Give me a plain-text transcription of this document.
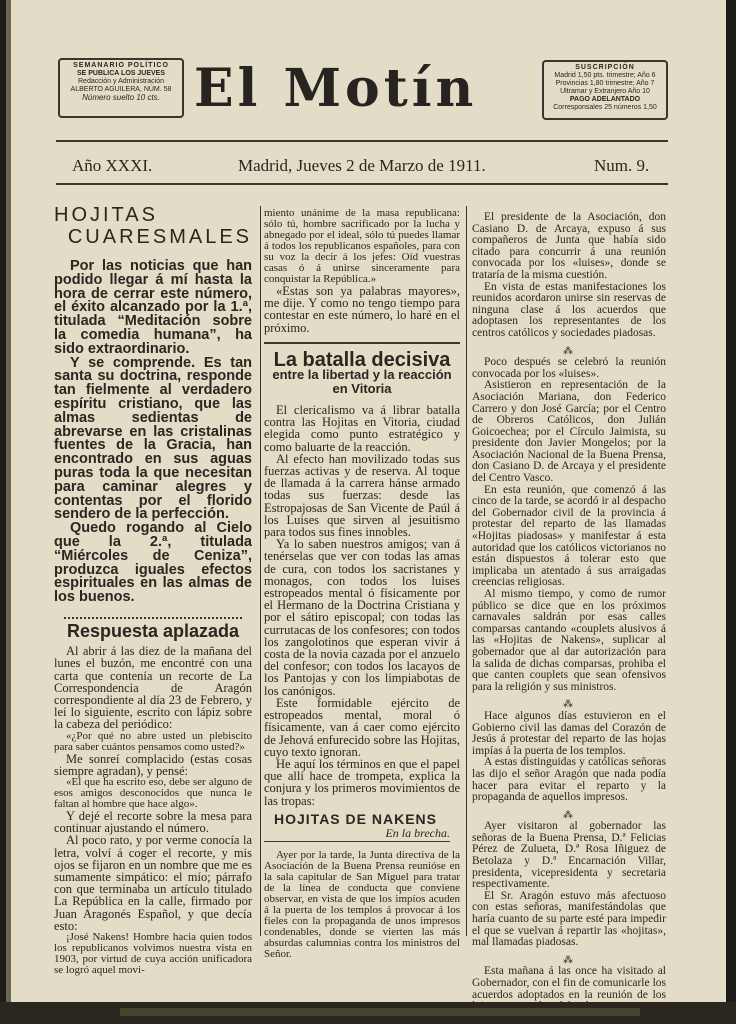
SEMANARIO POLÍTICO
SE PUBLICA LOS JUEVES
Redacción y Administración
ALBERTO AGUILERA, NÚM. 58
Número suelto 10 cts. El Motín	SUSCRIPCIÓN
Madrid 1,50 pts. trimestre; Año 6
Provincias 1,80 trimestre; Año 7
Ultramar y Extranjero Año 10
PAGO ADELANTADO
Corresponsales 25 números 1,50
Año XXXI.	Madrid, Jueves 2 de Marzo de 1911.	Num. 9.
HOJITAS
CUARESMALES

Por las noticias que han podido llegar á mí hasta la hora de cerrar este número, el éxito alcanzado por la 1.ª, titulada “Meditación sobre la comedia humana”, ha sido extraordinario.

Y se comprende. Es tan santa su doctrina, responde tan fielmente al verdadero espíritu cristiano, que las almas sedientas de abrevarse en las cristalinas fuentes de la Gracia, han encontrado en sus aguas puras toda la que necesitan para caminar alegres y contentas por el florido sendero de la perfección.

Quedo rogando al Cielo que la 2.ª, titulada “Miércoles de Ceniza”, produzca iguales efectos espirituales en las almas de los buenos.

Respuesta aplazada

Al abrir á las diez de la mañana del lunes el buzón, me encontré con una carta que contenía un recorte de La Correspondencia de Aragón correspondiente al día 23 de Febrero, y leí lo siguiente, escrito con lápiz sobre la cabeza del periódico:

«¿Por qué no abre usted un plebiscito para saber cuántos pensamos como usted?»

Me sonreí complacido (estas cosas siempre agradan), y pensé:

«El que ha escrito eso, debe ser alguno de esos amigos desconocidos que nunca le faltan al hombre que hace algo».

Y dejé el recorte sobre la mesa para continuar ajustando el número.

Al poco rato, y por verme conocía la letra, volví á coger el recorte, y mis ojos se fijaron en un nombre que me es sumamente simpático: el mío; párrafo con que terminaba un artículo titulado La República en la calle, firmado por Juan Aragonés Español, y que decía esto:

¡José Nakens! Hombre hacia quien todos los republicanos volvimos nuestra vista en 1903, por virtud de cuya acción unificadora se logró aquel movi-

miento unánime de la masa republicana: sólo tú, hombre sacrificado por la lucha y abnegado por el ideal, sólo tú puedes llamar á todos los republicanos españoles, para con su voz la decir á los jefes: Oíd vuestras casas ó á unirse sinceramente para conquistar la República.»

«Estas son ya palabras mayores», me dije. Y como no tengo tiempo para contestar en este número, lo haré en el próximo.

La batalla decisiva
entre la libertad y la reacción en Vitoria

El clericalismo va á librar batalla contra las Hojitas en Vitoria, ciudad elegida como punto estratégico y como baluarte de la reacción.

Al efecto han movilizado todas sus fuerzas activas y de reserva. Al toque de llamada á la carrera hánse armado todas sus fuerzas: desde las Estropajosas de San Vicente de Paúl á los Luises que sirven al jesuitismo para todos sus fines innobles.

Ya lo saben nuestros amigos; van á tenérselas que ver con todas las amas de cura, con todos los sacristanes y monagos, con todos los luises estropeados mental ó físicamente por el Hermano de la Doctrina Cristiana y por el sátiro episcopal; con todas las currutacas de los confesores; con todos los zangolotinos que esperan vivir á costa de la novia cazada por el anzuelo del confesor; con todos los lacayos de los Pantojas y con los limpiabotas de los canónigos.

Este formidable ejército de estropeados mental, moral ó físicamente, van á caer como ejército de Jehová enfurecido sobre las Hojitas, cuyo texto ignoran.

He aquí los términos en que el papel que allí hace de trompeta, explica la conjura y los primeros movimientos de las tropas:

HOJITAS DE NAKENS
En la brecha.

Ayer por la tarde, la Junta directiva de la Asociación de la Buena Prensa reunióse en la sala capitular de San Miguel para tratar de la línea de conducta que conviene observar, en vista de que los impíos acuden á la puerta de los templos á provocar á los fieles con la propaganda de unos impresos condenables, donde se vierten las más absurdas calumnias contra los ministros del Señor.

El presidente de la Asociación, don Casiano D. de Arcaya, expuso á sus compañeros de Junta que había sido citado para concurrir á una reunión convocada por los «luises», donde se trataría de la misma cuestión.

En vista de estas manifestaciones los reunidos acordaron unirse sin reservas de ninguna clase á los acuerdos que adoptasen los representantes de los centros católicos y sociedades piadosas.

⁂

Poco después se celebró la reunión convocada por los «luises».

Asistieron en representación de la Asociación Mariana, don Federico Carrero y don José García; por el Centro de Obreros Católicos, don Julián Goicoechea; por el Círculo Jaimista, su presidente don Javier Mongelos; por la Asociación Nacional de la Buena Prensa, don Casiano D. de Arcaya y el presidente del Centro Vasco.

En esta reunión, que comenzó á las cinco de la tarde, se acordó ir al despacho del Gobernador civil de la provincia á protestar del reparto de las llamadas «Hojitas piadosas» y manifestar á esta autoridad que los católicos victorianos no están dispuestos á tolerar esto que implicaba un atentado á sus arraigadas creencias religiosas.

Al mismo tiempo, y como de rumor público se dice que en los próximos carnavales saldrán por esas calles comparsas cantando «couplets alusivos á las «Hojitas de Nakens», suplicar al gobernador que al dar autorización para la salida de dichas comparsas, prohiba el que canten couplets que sean ofensivos para la religión y sus ministros.

⁂

Hace algunos días estuvieron en el Gobierno civil las damas del Corazón de Jesús á protestar del reparto de las hojas impías á la puerta de los templos.

A estas distinguidas y católicas señoras las dijo el señor Aragón que nada podía hacer para evitar el reparto y la propaganda de aquellos impresos.

⁂

Ayer visitaron al gobernador las señoras de la Buena Prensa, D.ª Felicias Pérez de Zulueta, D.ª Rosa Iñiguez de Betolaza y D.ª Encarnación Villar, presidenta, vicepresidenta y secretaria respectivamente.

El Sr. Aragón estuvo más afectuoso con estas señoras, manifestándolas que haría cuanto de su parte esté para impedir el que se vuelvan á repartir las «hojitas», mal llamadas piadosas.

⁂

Esta mañana á las once ha visitado al Gobernador, con el fin de comunicarle los acuerdos adoptados en la reunión de los
